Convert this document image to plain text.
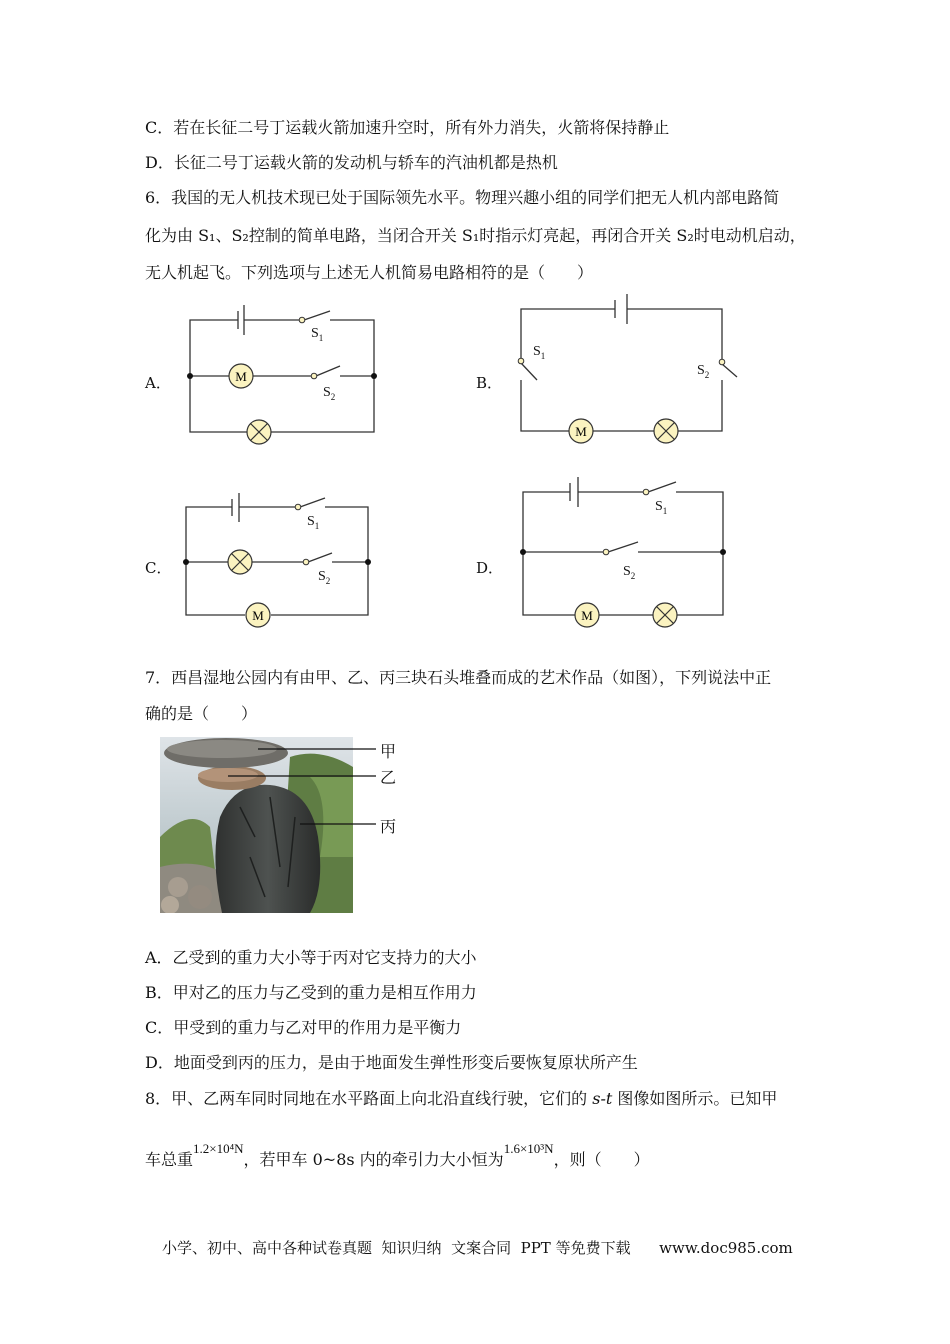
C．若在长征二号丁运载火箭加速升空时，所有外力消失，火箭将保持静止
D．长征二号丁运载火箭的发动机与轿车的汽油机都是热机
6．我国的无人机技术现已处于国际领先水平。物理兴趣小组的同学们把无人机内部电路简
化为由 S₁、S₂控制的简单电路，当闭合开关 S₁时指示灯亮起，再闭合开关 S₂时电动机启动，
无人机起飞。下列选项与上述无人机简易电路相符的是（　　）
A．	B．
C．	D．
M
M
M	M
$S_1$
$S_2$
$S_1$
$S_2$
$S_1$
$S_2$
$S_1$
$S_2$
7．西昌湿地公园内有由甲、乙、丙三块石头堆叠而成的艺术作品（如图），下列说法中正
确的是（　　）
甲
乙
丙
A．乙受到的重力大小等于丙对它支持力的大小
B．甲对乙的压力与乙受到的重力是相互作用力
C．甲受到的重力与乙对甲的作用力是平衡力
D．地面受到丙的压力，是由于地面发生弹性形变后要恢复原状所产生
8．甲、乙两车同时同地在水平路面上向北沿直线行驶，它们的 s-t 图像如图所示。已知甲
车总重$^{1.2\times 10^4N}$，若甲车 0~8s 内的牵引力大小恒为$^{1.6\times 10^3N}$，则（　　）
小学、初中、高中各种试卷真题  知识归纳  文案合同  PPT 等免费下载      www.doc985.com
